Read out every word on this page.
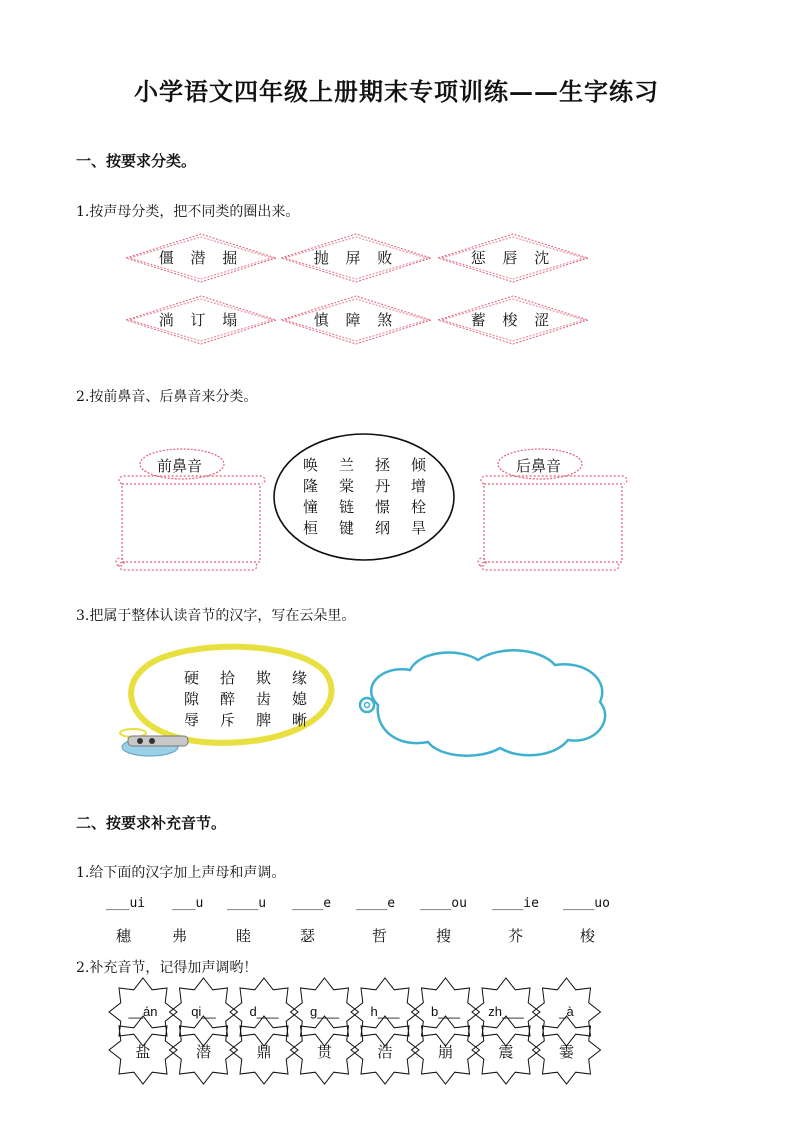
小学语文四年级上册期末专项训练——生字练习
一、按要求分类。
1.按声母分类，把不同类的圈出来。
僵 潜 掘	抛 屏 败	惩 唇 沈
淌 订 塌	慎 障 煞	蓄 梭 涩
2.按前鼻音、后鼻音来分类。
前鼻音	后鼻音
唤 兰 拯 倾
隆 棠 丹 增
憧 链 憬 栓
桓 键 纲 旱
3.把属于整体认读音节的汉字，写在云朵里。
硬 拾 欺 缘
隙 醉 齿 媳
辱 斥 脾 晰
二、按要求补充音节。
1.给下面的汉字加上声母和声调。
___ui
穗
___u
弗
____u
睦
____e
瑟
____e
哲
____ou
搜
____ie
芥
____uo
梭
2.补充音节，记得加声调哟！
__án
盐
qi__
潜
d___
鼎
g___
贯
h___
浩
b___
崩
zh___
震
_à
霎
